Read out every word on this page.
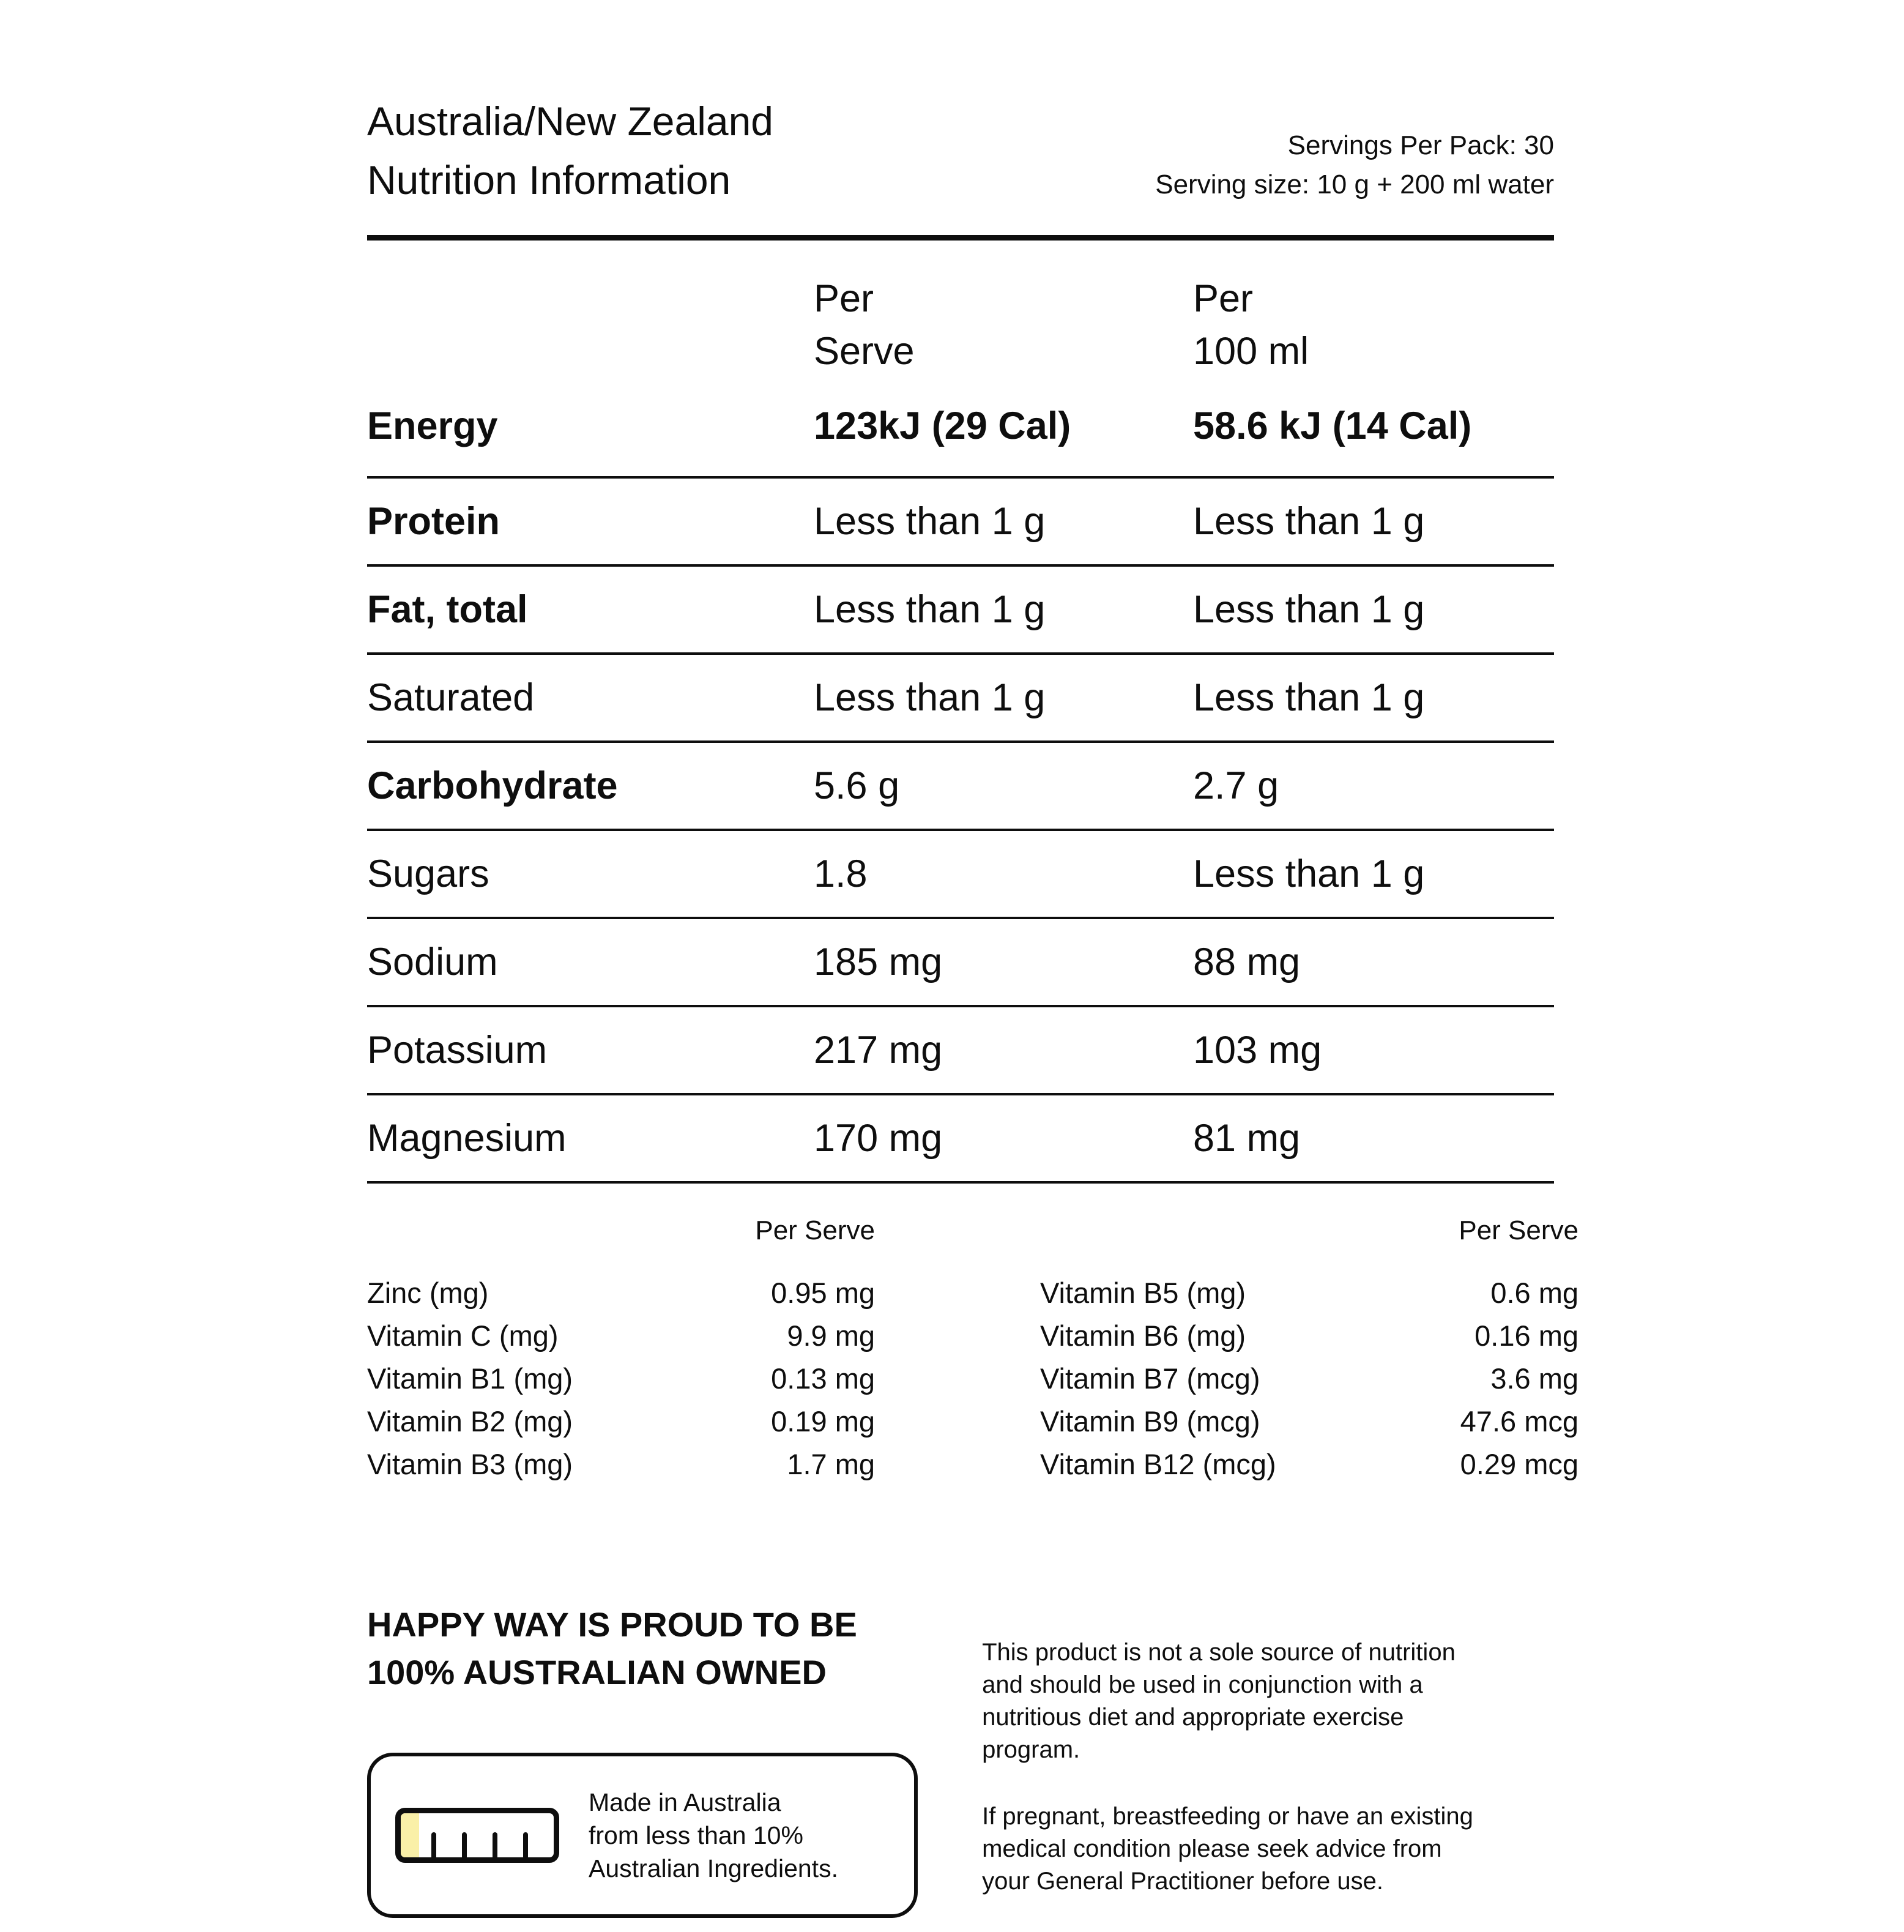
Australia/New Zealand
Nutrition Information
Servings Per Pack: 30
Serving size: 10 g + 200 ml water
Per
Serve
Per
100 ml
Energy	123kJ (29 Cal)	58.6 kJ (14 Cal)
Protein	Less than 1 g	Less than 1 g
Fat, total	Less than 1 g	Less than 1 g
Saturated	Less than 1 g	Less than 1 g
Carbohydrate	5.6 g	2.7 g
Sugars	1.8	Less than 1 g
Sodium	185 mg	88 mg
Potassium	217 mg	103 mg
Magnesium	170 mg	81 mg
Per Serve	Per Serve
Zinc (mg)	0.95 mg
Vitamin C (mg)	9.9 mg
Vitamin B1 (mg)	0.13 mg
Vitamin B2 (mg)	0.19 mg
Vitamin B3 (mg)	1.7 mg
Vitamin B5 (mg)	0.6 mg
Vitamin B6 (mg)	0.16 mg
Vitamin B7 (mcg)	3.6 mg
Vitamin B9 (mcg)	47.6 mcg
Vitamin B12 (mcg)	0.29 mcg
HAPPY WAY IS PROUD TO BE
100% AUSTRALIAN OWNED
Made in Australia
from less than 10%
Australian Ingredients.
This product is not a sole source of nutrition
and should be used in conjunction with a
nutritious diet and appropriate exercise
program.
If pregnant, breastfeeding or have an existing
medical condition please seek advice from
your General Practitioner before use.
